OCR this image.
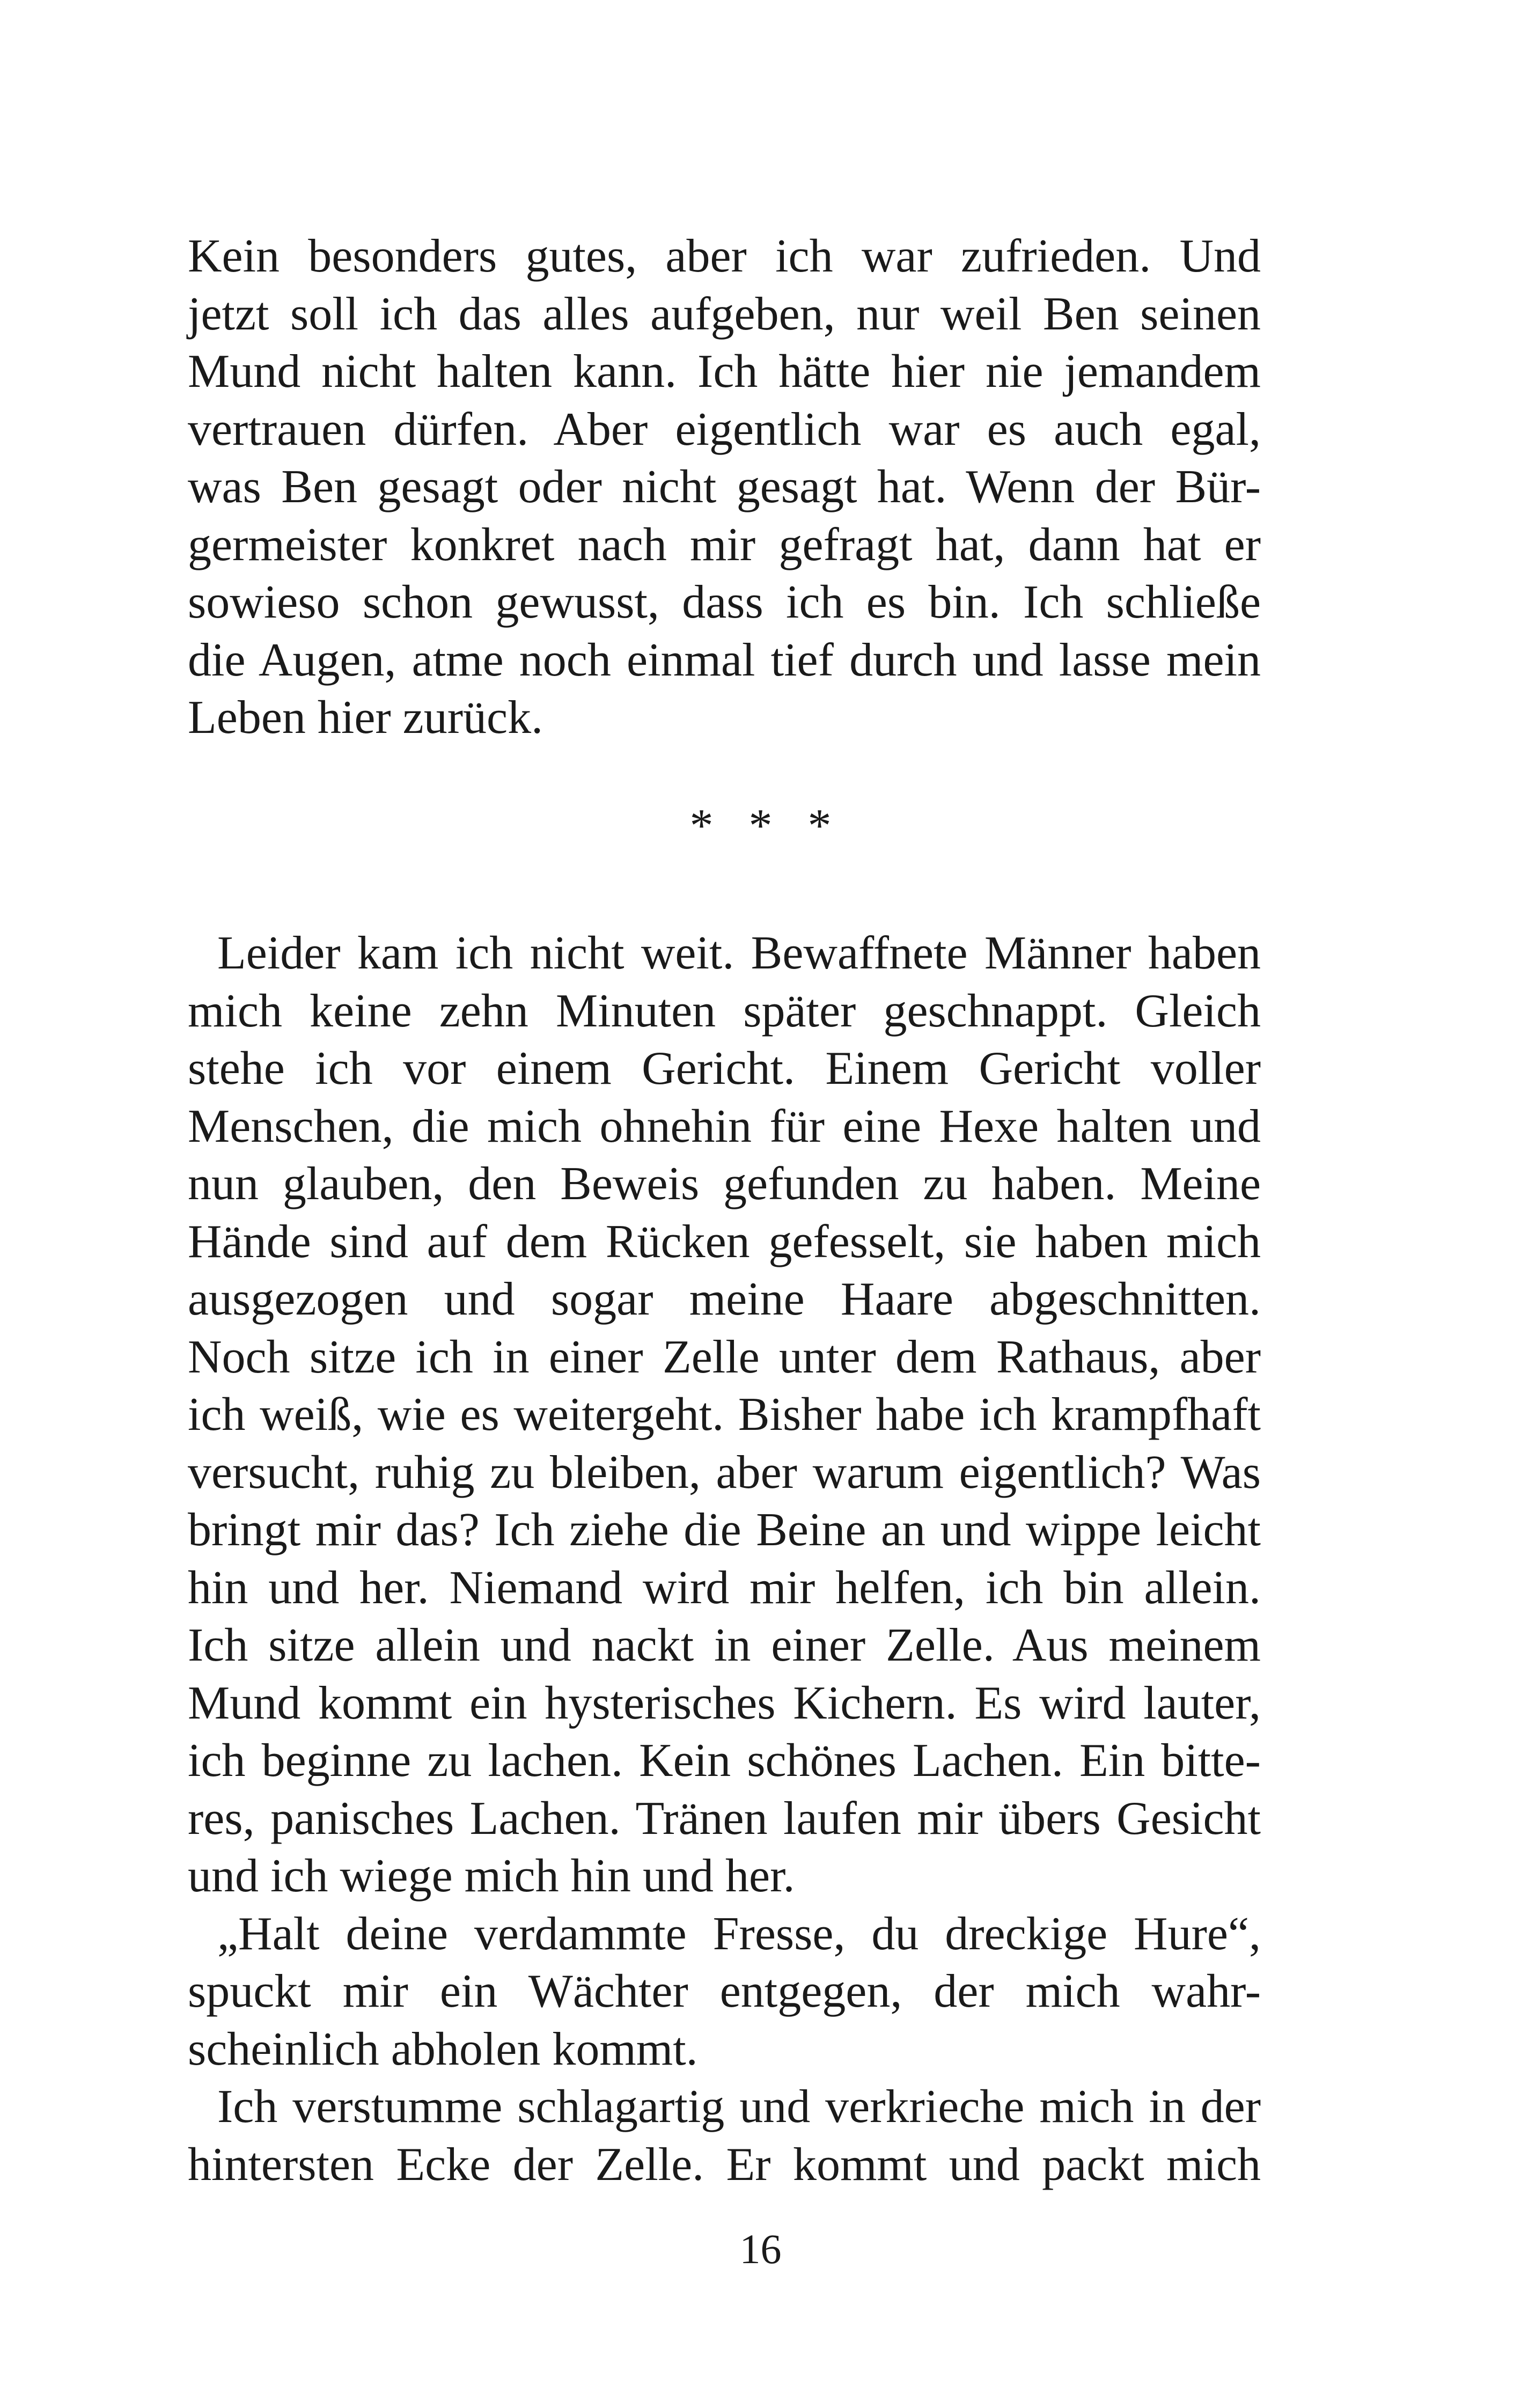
Kein besonders gutes, aber ich war zufrieden. Und
jetzt soll ich das alles aufgeben, nur weil Ben seinen
Mund nicht halten kann. Ich hätte hier nie jemandem
vertrauen dürfen. Aber eigentlich war es auch egal,
was Ben gesagt oder nicht gesagt hat. Wenn der Bür-
germeister konkret nach mir gefragt hat, dann hat er
sowieso schon gewusst, dass ich es bin. Ich schließe
die Augen, atme noch einmal tief durch und lasse mein
Leben hier zurück.
* * *
Leider kam ich nicht weit. Bewaffnete Männer haben
mich keine zehn Minuten später geschnappt. Gleich
stehe ich vor einem Gericht. Einem Gericht voller
Menschen, die mich ohnehin für eine Hexe halten und
nun glauben, den Beweis gefunden zu haben. Meine
Hände sind auf dem Rücken gefesselt, sie haben mich
ausgezogen und sogar meine Haare abgeschnitten.
Noch sitze ich in einer Zelle unter dem Rathaus, aber
ich weiß, wie es weitergeht. Bisher habe ich krampfhaft
versucht, ruhig zu bleiben, aber warum eigentlich? Was
bringt mir das? Ich ziehe die Beine an und wippe leicht
hin und her. Niemand wird mir helfen, ich bin allein.
Ich sitze allein und nackt in einer Zelle. Aus meinem
Mund kommt ein hysterisches Kichern. Es wird lauter,
ich beginne zu lachen. Kein schönes Lachen. Ein bitte-
res, panisches Lachen. Tränen laufen mir übers Gesicht
und ich wiege mich hin und her.
„Halt deine verdammte Fresse, du dreckige Hure“,
spuckt mir ein Wächter entgegen, der mich wahr-
scheinlich abholen kommt.
Ich verstumme schlagartig und verkrieche mich in der
hintersten Ecke der Zelle. Er kommt und packt mich
16
